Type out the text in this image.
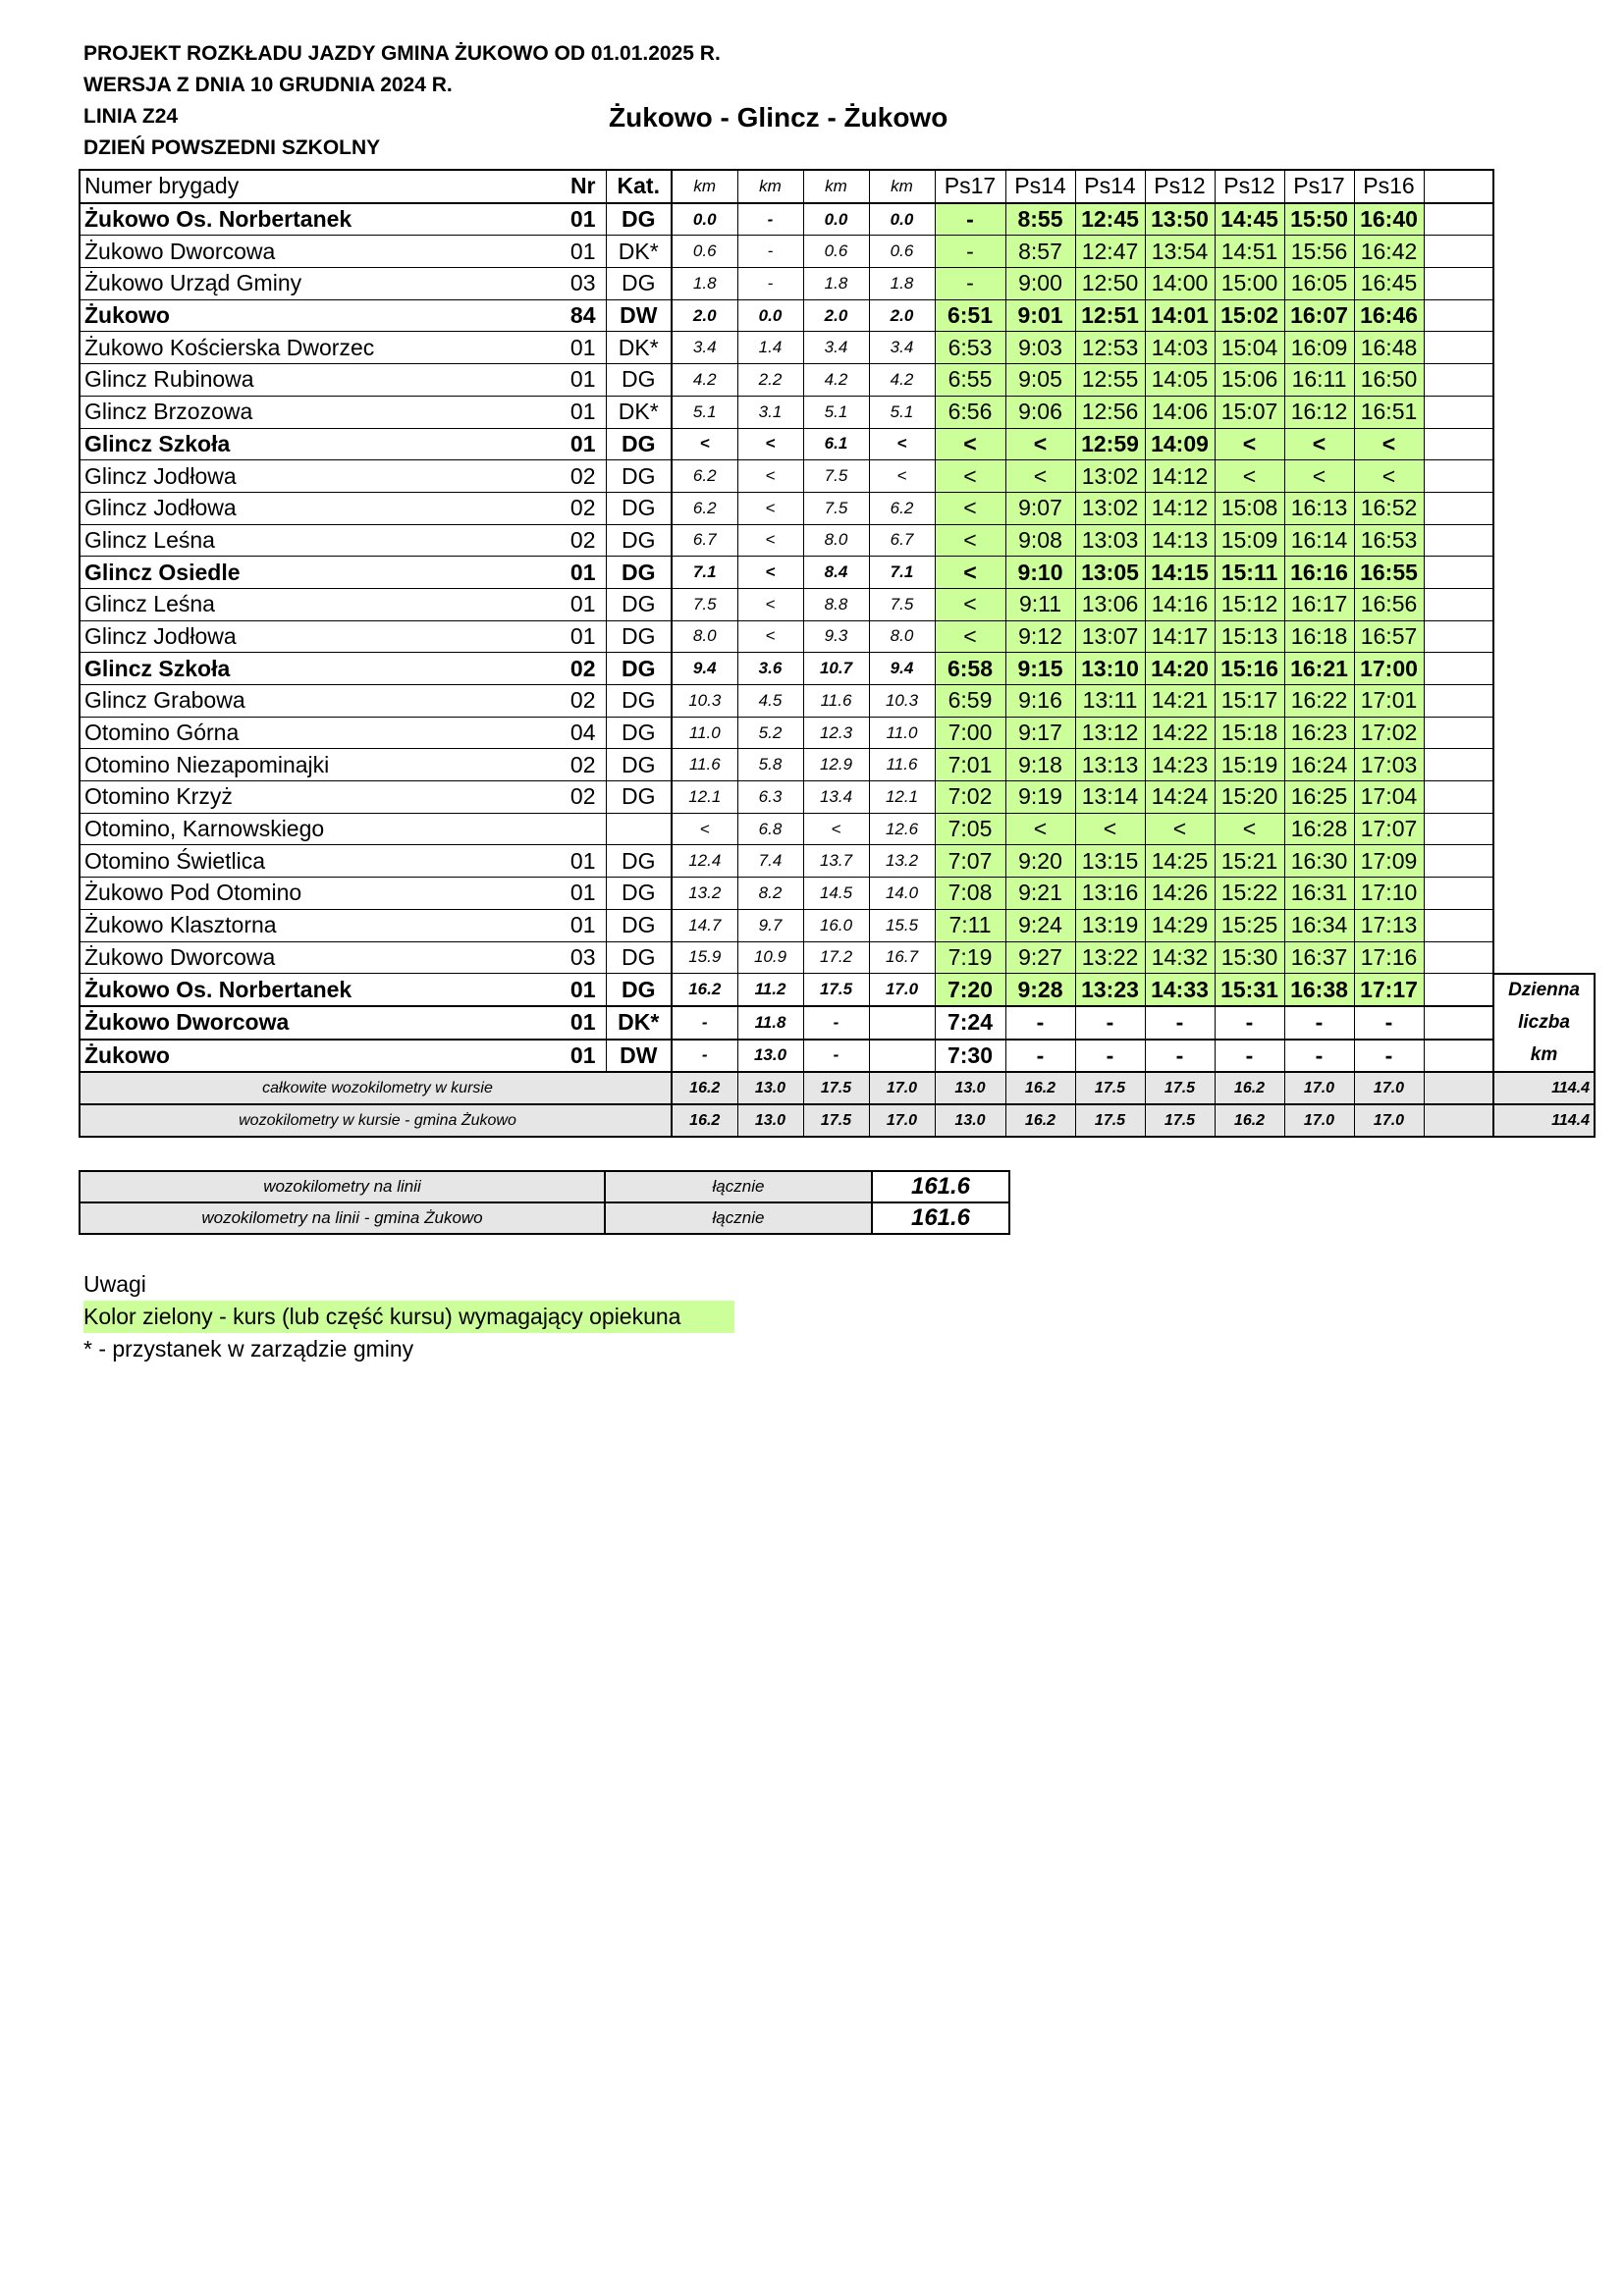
PROJEKT ROZKŁADU JAZDY GMINA ŻUKOWO OD 01.01.2025 R.
WERSJA Z DNIA 10 GRUDNIA 2024 R.
LINIA Z24
DZIEŃ POWSZEDNI SZKOLNY
Żukowo - Glincz - Żukowo
Numer brygady	Nr	Kat.	km	km	km	km	Ps17	Ps14	Ps14	Ps12	Ps12	Ps17	Ps16		
Żukowo Os. Norbertanek	01	DG	0.0	-	0.0	0.0	-	8:55	12:45	13:50	14:45	15:50	16:40		
Żukowo Dworcowa	01	DK*	0.6	-	0.6	0.6	-	8:57	12:47	13:54	14:51	15:56	16:42		
Żukowo Urząd Gminy	03	DG	1.8	-	1.8	1.8	-	9:00	12:50	14:00	15:00	16:05	16:45		
Żukowo	84	DW	2.0	0.0	2.0	2.0	6:51	9:01	12:51	14:01	15:02	16:07	16:46		
Żukowo Kościerska Dworzec	01	DK*	3.4	1.4	3.4	3.4	6:53	9:03	12:53	14:03	15:04	16:09	16:48		
Glincz Rubinowa	01	DG	4.2	2.2	4.2	4.2	6:55	9:05	12:55	14:05	15:06	16:11	16:50		
Glincz Brzozowa	01	DK*	5.1	3.1	5.1	5.1	6:56	9:06	12:56	14:06	15:07	16:12	16:51		
Glincz Szkoła	01	DG	<	<	6.1	<	<	<	12:59	14:09	<	<	<		
Glincz Jodłowa	02	DG	6.2	<	7.5	<	<	<	13:02	14:12	<	<	<		
Glincz Jodłowa	02	DG	6.2	<	7.5	6.2	<	9:07	13:02	14:12	15:08	16:13	16:52		
Glincz Leśna	02	DG	6.7	<	8.0	6.7	<	9:08	13:03	14:13	15:09	16:14	16:53		
Glincz Osiedle	01	DG	7.1	<	8.4	7.1	<	9:10	13:05	14:15	15:11	16:16	16:55		
Glincz Leśna	01	DG	7.5	<	8.8	7.5	<	9:11	13:06	14:16	15:12	16:17	16:56		
Glincz Jodłowa	01	DG	8.0	<	9.3	8.0	<	9:12	13:07	14:17	15:13	16:18	16:57		
Glincz Szkoła	02	DG	9.4	3.6	10.7	9.4	6:58	9:15	13:10	14:20	15:16	16:21	17:00		
Glincz Grabowa	02	DG	10.3	4.5	11.6	10.3	6:59	9:16	13:11	14:21	15:17	16:22	17:01		
Otomino Górna	04	DG	11.0	5.2	12.3	11.0	7:00	9:17	13:12	14:22	15:18	16:23	17:02		
Otomino Niezapominajki	02	DG	11.6	5.8	12.9	11.6	7:01	9:18	13:13	14:23	15:19	16:24	17:03		
Otomino Krzyż	02	DG	12.1	6.3	13.4	12.1	7:02	9:19	13:14	14:24	15:20	16:25	17:04		
Otomino, Karnowskiego			<	6.8	<	12.6	7:05	<	<	<	<	16:28	17:07		
Otomino Świetlica	01	DG	12.4	7.4	13.7	13.2	7:07	9:20	13:15	14:25	15:21	16:30	17:09		
Żukowo Pod Otomino	01	DG	13.2	8.2	14.5	14.0	7:08	9:21	13:16	14:26	15:22	16:31	17:10		
Żukowo Klasztorna	01	DG	14.7	9.7	16.0	15.5	7:11	9:24	13:19	14:29	15:25	16:34	17:13		
Żukowo Dworcowa	03	DG	15.9	10.9	17.2	16.7	7:19	9:27	13:22	14:32	15:30	16:37	17:16		
Żukowo Os. Norbertanek	01	DG	16.2	11.2	17.5	17.0	7:20	9:28	13:23	14:33	15:31	16:38	17:17		Dzienna
Żukowo Dworcowa	01	DK*	-	11.8	-		7:24	-	-	-	-	-	-		liczba
Żukowo	01	DW	-	13.0	-		7:30	-	-	-	-	-	-		km
całkowite wozokilometry w kursie			16.2	13.0	17.5	17.0	13.0	16.2	17.5	17.5	16.2	17.0	17.0		114.4
wozokilometry w kursie - gmina Żukowo			16.2	13.0	17.5	17.0	13.0	16.2	17.5	17.5	16.2	17.0	17.0		114.4
wozokilometry na linii	łącznie	161.6
wozokilometry na linii - gmina Żukowo	łącznie	161.6
Uwagi
Kolor zielony - kurs (lub część kursu) wymagający opiekuna
* - przystanek w zarządzie gminy
